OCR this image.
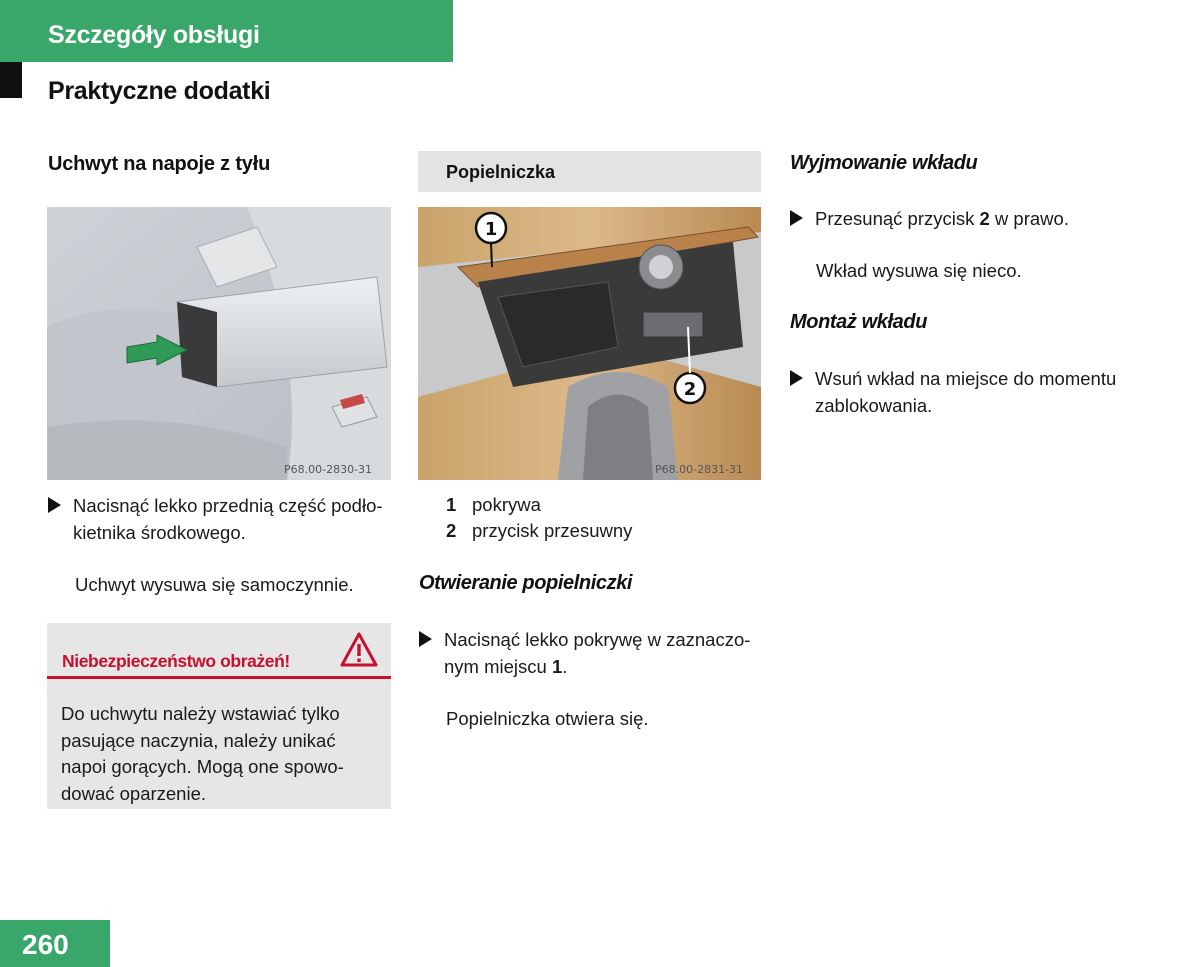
Szczegóły obsługi
Praktyczne dodatki
Uchwyt na napoje z tyłu
P68.00-2830-31
Nacisnąć lekko przednią część podło-
kietnika środkowego.
Uchwyt wysuwa się samoczynnie.
Niebezpieczeństwo obrażeń!
Do uchwytu należy wstawiać tylko
pasujące naczynia, należy unikać
napoi gorących. Mogą one spowo-
dować oparzenie.
Popielniczka
1
2
P68.00-2831-31
1 pokrywa
2 przycisk przesuwny
Otwieranie popielniczki
Nacisnąć lekko pokrywę w zaznaczo-
nym miejscu 1.
Popielniczka otwiera się.
Wyjmowanie wkładu
Przesunąć przycisk 2 w prawo.
Wkład wysuwa się nieco.
Montaż wkładu
Wsuń wkład na miejsce do momentu
zablokowania.
260
